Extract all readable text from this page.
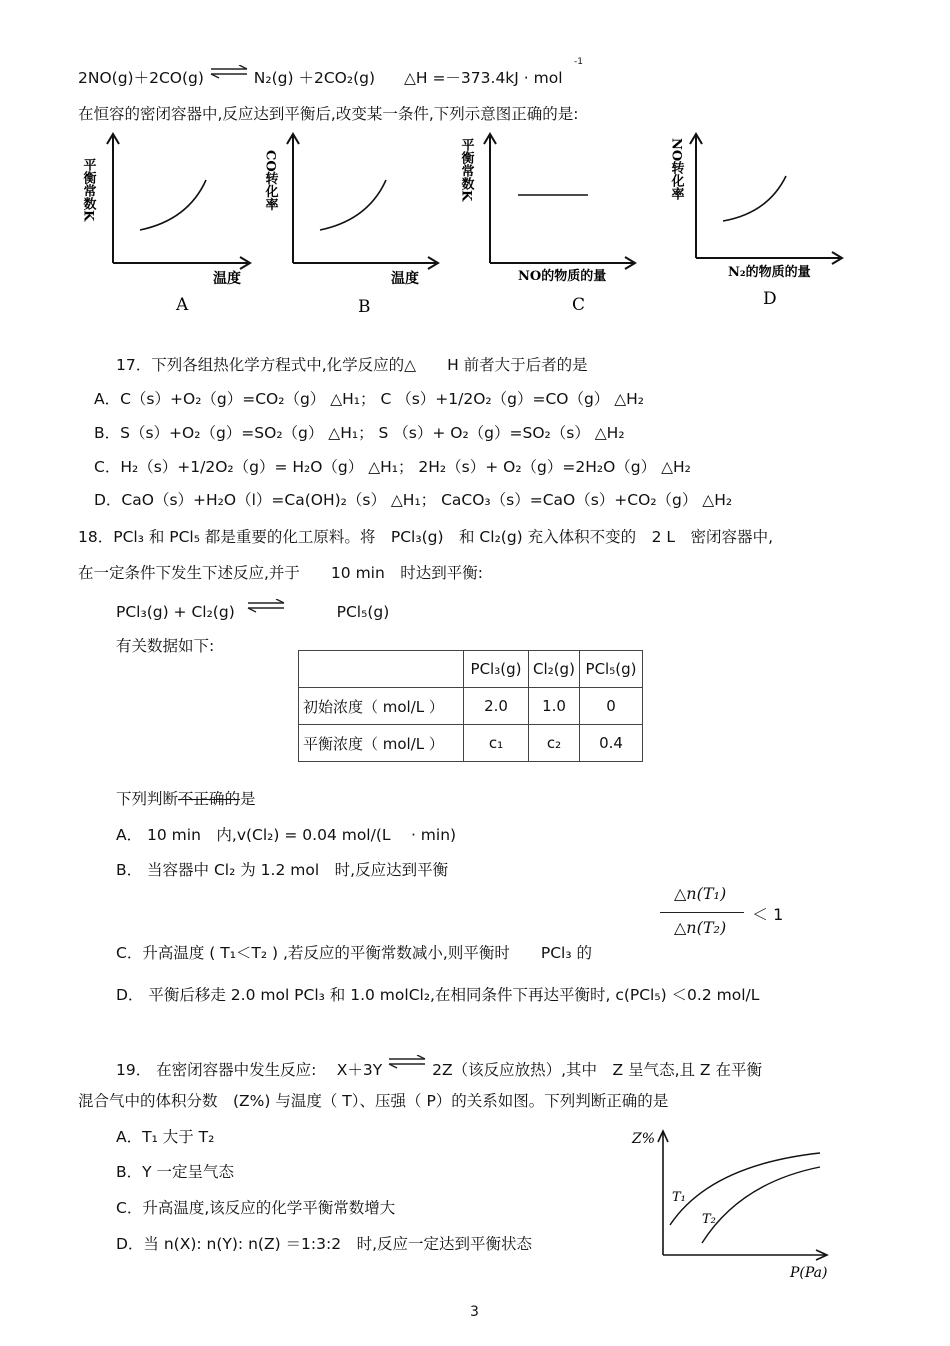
2NO(g)＋2CO(g) ⇌ N₂(g) ＋2CO₂(g) △H =－373.4kJ · mol
-1
在恒容的密闭容器中,反应达到平衡后,改变某一条件,下列示意图正确的是:
平衡常数K
温度
A
CO转化率
温度
B
平衡常数K
NO的物质的量
C
NO转化率
N₂的物质的量
D
17．下列各组热化学方程式中,化学反应的△　　H 前者大于后者的是
A．C（s）+O₂（g）=CO₂（g） △H₁； C （s）+1/2O₂（g）=CO（g） △H₂
B．S（s）+O₂（g）=SO₂（g） △H₁； S （s）+ O₂（g）=SO₂（s） △H₂
C．H₂（s）+1/2O₂（g）= H₂O（g） △H₁； 2H₂（s）+ O₂（g）=2H₂O（g） △H₂
D．CaO（s）+H₂O（l）=Ca(OH)₂（s） △H₁； CaCO₃（s）=CaO（s）+CO₂（g） △H₂
18．PCl₃ 和 PCl₅ 都是重要的化工原料。将　PCl₃(g)　和 Cl₂(g) 充入体积不变的　2 L　密闭容器中,
在一定条件下发生下述反应,并于　　10 min　时达到平衡:
PCl₃(g) + Cl₂(g) ⇌	PCl₅(g)
有关数据如下:
	PCl₃(g)	Cl₂(g)	PCl₅(g)
初始浓度（ mol/L ）	2.0	1.0	0
平衡浓度（ mol/L ）	c₁	c₂	0.4
下列判断不正确的是
A． 10 min　内,v(Cl₂) = 0.04 mol/(L　 · min)
B． 当容器中 Cl₂ 为 1.2 mol　时,反应达到平衡
△n(T₁)
△n(T₂)
＜ 1
C．升高温度 ( T₁＜T₂ ) ,若反应的平衡常数减小,则平衡时　　PCl₃ 的
D． 平衡后移走 2.0 mol PCl₃ 和 1.0 molCl₂,在相同条件下再达平衡时, c(PCl₅) ＜0.2 mol/L
19． 在密闭容器中发生反应:　 X＋3Y ⇌ 2Z（该反应放热）,其中　Z 呈气态,且 Z 在平衡
混合气中的体积分数　(Z%) 与温度（ T）、压强（ P）的关系如图。下列判断正确的是
A．T₁ 大于 T₂
B．Y 一定呈气态
C．升高温度,该反应的化学平衡常数增大
D．当 n(X): n(Y): n(Z) ＝1:3:2　时,反应一定达到平衡状态
Z%
P(Pa)
T₁
T₂
3
